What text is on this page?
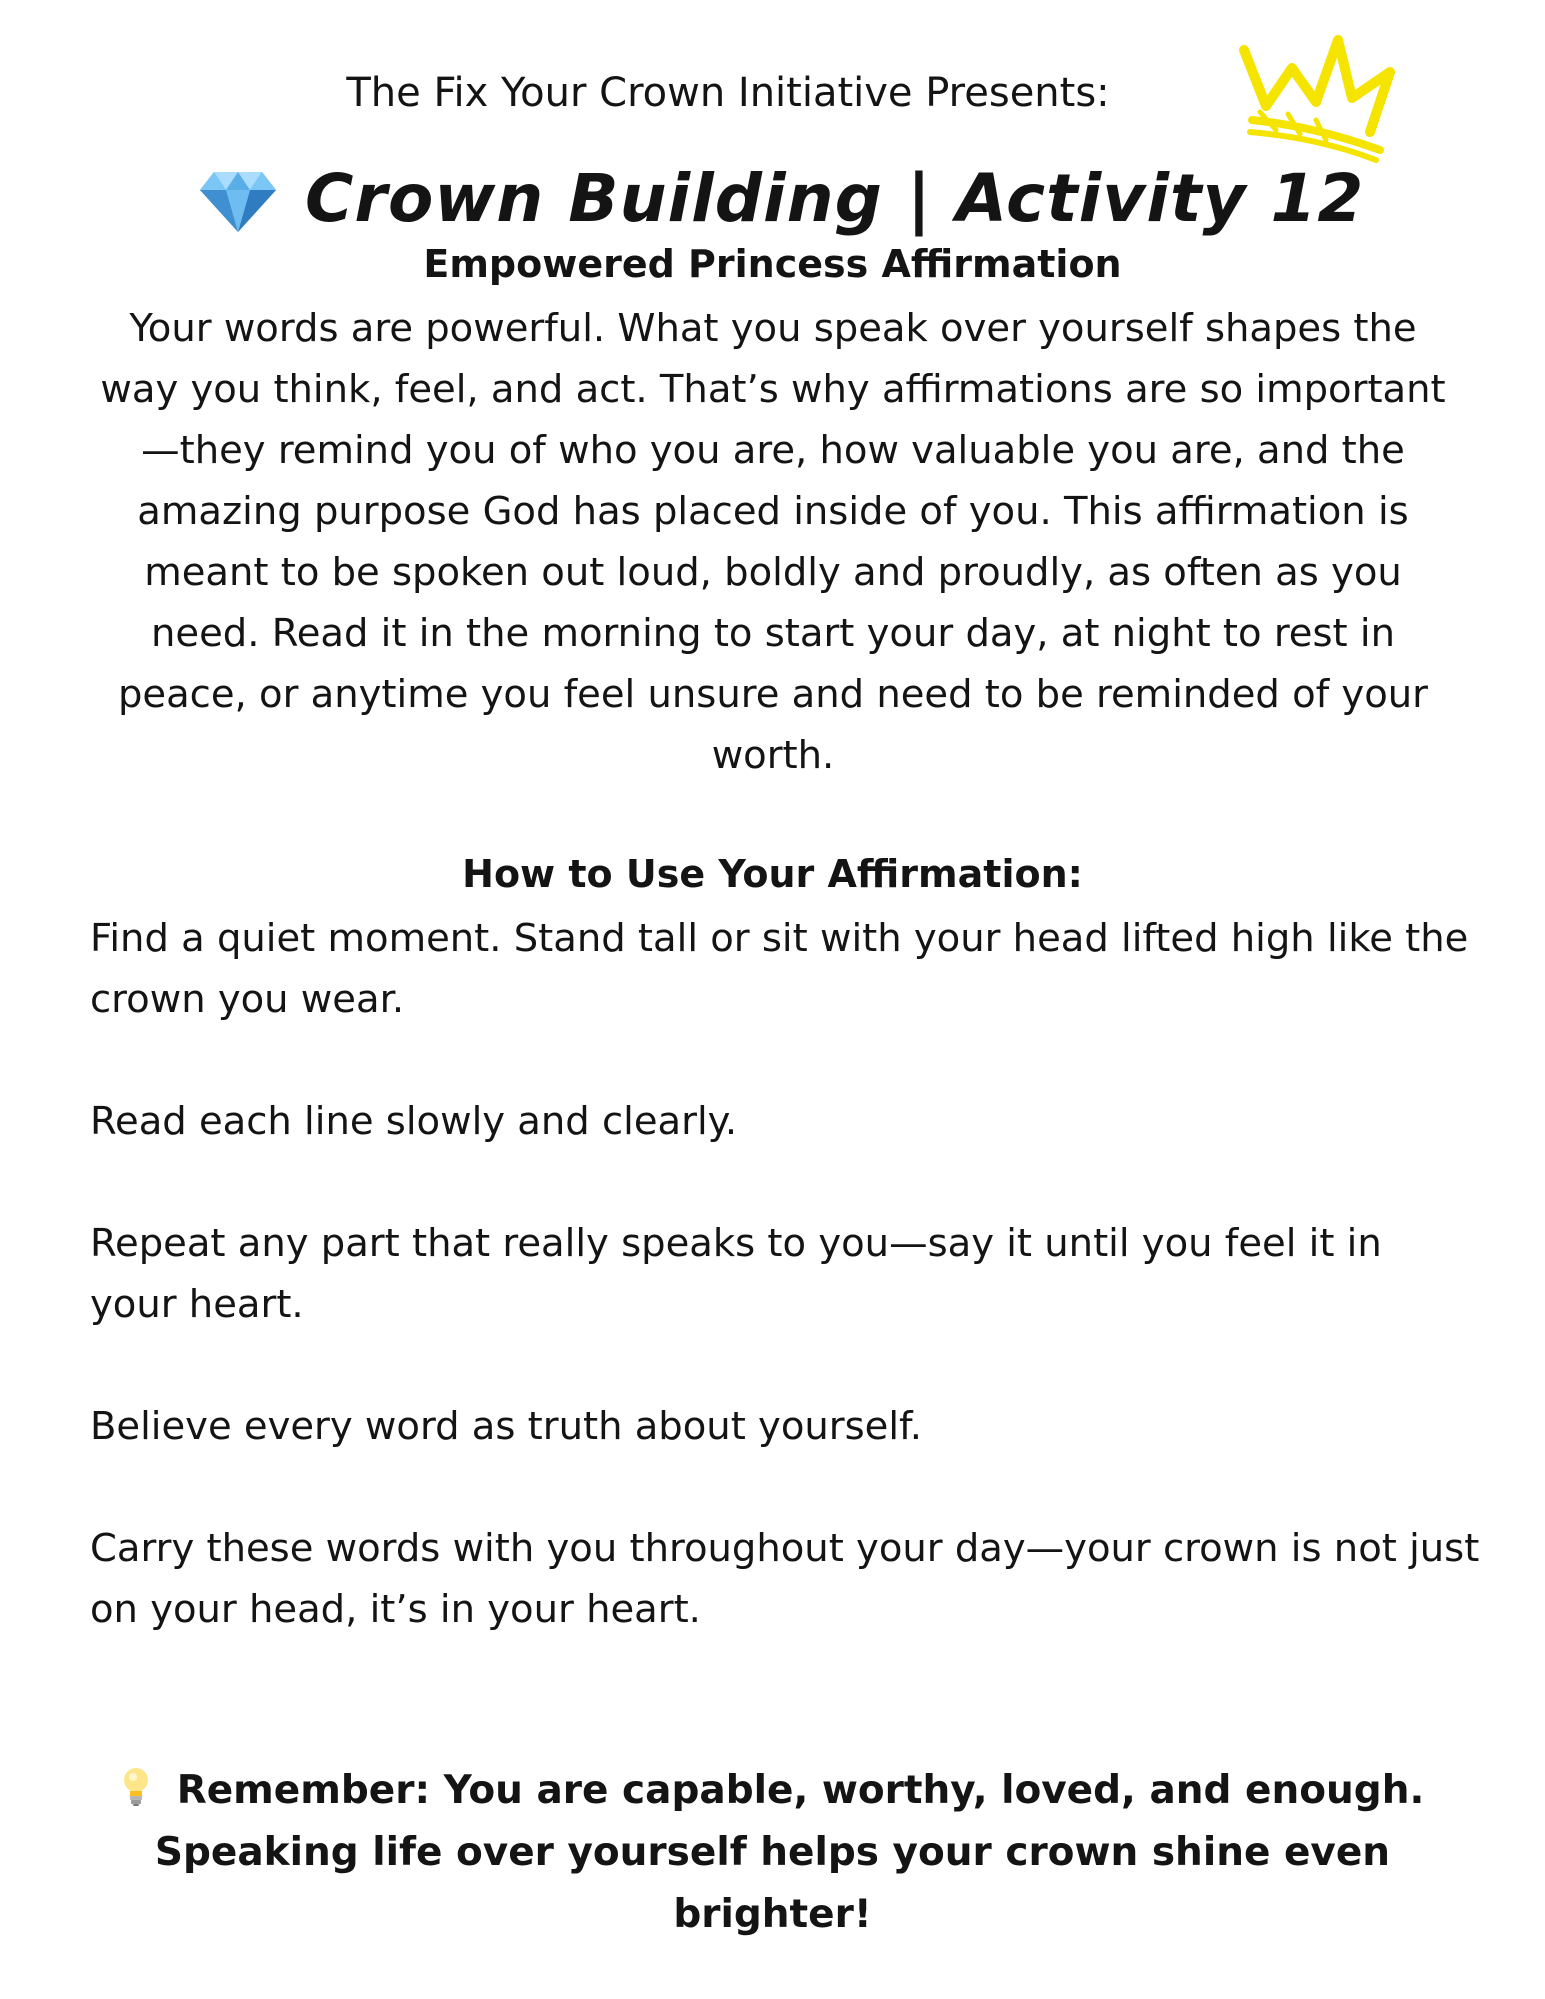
The Fix Your Crown Initiative Presents:
Crown Building | Activity 12
Empowered Princess Affirmation
Your words are powerful. What you speak over yourself shapes the way you think, feel, and act. That’s why affirmations are so important—they remind you of who you are, how valuable you are, and the amazing purpose God has placed inside of you. This affirmation is meant to be spoken out loud, boldly and proudly, as often as you need. Read it in the morning to start your day, at night to rest in peace, or anytime you feel unsure and need to be reminded of your worth.
How to Use Your Affirmation:

Find a quiet moment. Stand tall or sit with your head lifted high like the crown you wear.

Read each line slowly and clearly.

Repeat any part that really speaks to you—say it until you feel it in your heart.

Believe every word as truth about yourself.

Carry these words with you throughout your day—your crown is not just on your head, it’s in your heart.

Remember: You are capable, worthy, loved, and enough. Speaking life over yourself helps your crown shine even brighter!
